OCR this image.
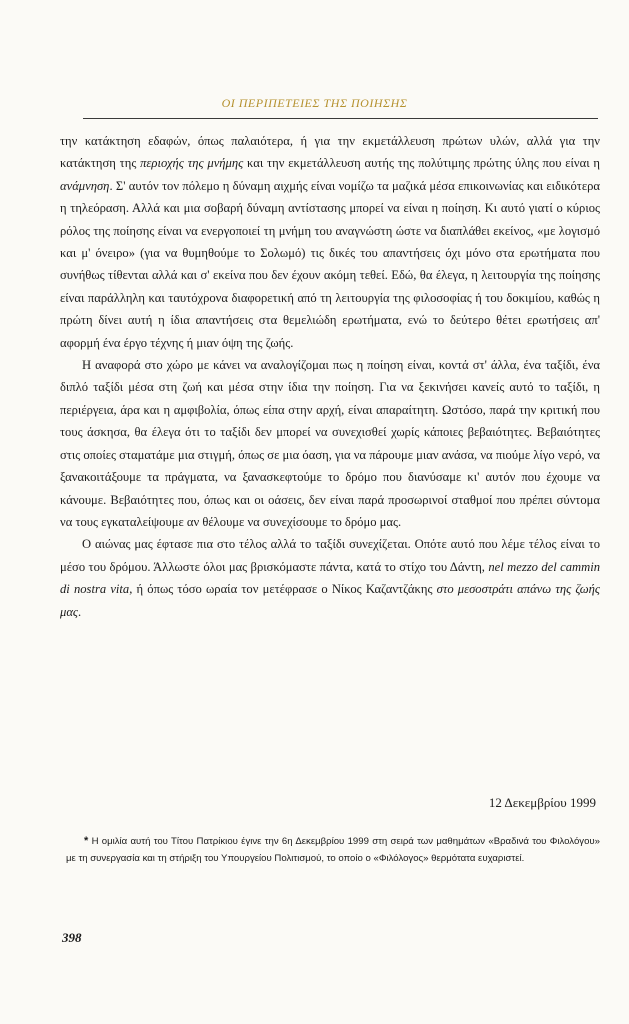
ΟΙ ΠΕΡΙΠΕΤΕΙΕΣ ΤΗΣ ΠΟΙΗΣΗΣ

την κατάκτηση εδαφών, όπως παλαιότερα, ή για την εκμετάλλευση πρώτων υλών, αλλά για την κατάκτηση της περιοχής της μνήμης και την εκμετάλλευση αυτής της πολύτιμης πρώτης ύλης που είναι η ανάμνηση. Σ' αυτόν τον πόλεμο η δύναμη αιχμής είναι νομίζω τα μαζικά μέσα επικοινωνίας και ειδικότερα η τηλεόραση. Αλλά και μια σοβαρή δύναμη αντίστασης μπορεί να είναι η ποίηση. Κι αυτό γιατί ο κύριος ρόλος της ποίησης είναι να ενεργοποιεί τη μνήμη του αναγνώστη ώστε να διαπλάθει εκείνος, «με λογισμό και μ' όνειρο» (για να θυμηθούμε το Σολωμό) τις δικές του απαντήσεις όχι μόνο στα ερωτήματα που συνήθως τίθενται αλλά και σ' εκείνα που δεν έχουν ακόμη τεθεί. Εδώ, θα έλεγα, η λειτουργία της ποίησης είναι παράλληλη και ταυτόχρονα διαφορετική από τη λειτουργία της φιλοσοφίας ή του δοκιμίου, καθώς η πρώτη δίνει αυτή η ίδια απαντήσεις στα θεμελιώδη ερωτήματα, ενώ το δεύτερο θέτει ερωτήσεις απ' αφορμή ένα έργο τέχνης ή μιαν όψη της ζωής.

Η αναφορά στο χώρο με κάνει να αναλογίζομαι πως η ποίηση είναι, κοντά στ' άλλα, ένα ταξίδι, ένα διπλό ταξίδι μέσα στη ζωή και μέσα στην ίδια την ποίηση. Για να ξεκινήσει κανείς αυτό το ταξίδι, η περιέργεια, άρα και η αμφιβολία, όπως είπα στην αρχή, είναι απαραίτητη. Ωστόσο, παρά την κριτική που τους άσκησα, θα έλεγα ότι το ταξίδι δεν μπορεί να συνεχισθεί χωρίς κάποιες βεβαιότητες. Βεβαιότητες στις οποίες σταματάμε μια στιγμή, όπως σε μια όαση, για να πάρουμε μιαν ανάσα, να πιούμε λίγο νερό, να ξανακοιτάξουμε τα πράγματα, να ξανασκεφτούμε το δρόμο που διανύσαμε κι' αυτόν που έχουμε να κάνουμε. Βεβαιότητες που, όπως και οι οάσεις, δεν είναι παρά προσωρινοί σταθμοί που πρέπει σύντομα να τους εγκαταλείψουμε αν θέλουμε να συνεχίσουμε το δρόμο μας.

Ο αιώνας μας έφτασε πια στο τέλος αλλά το ταξίδι συνεχίζεται. Οπότε αυτό που λέμε τέλος είναι το μέσο του δρόμου. Άλλωστε όλοι μας βρισκόμαστε πάντα, κατά το στίχο του Δάντη, nel mezzo del cammin di nostra vita, ή όπως τόσο ωραία τον μετέφρασε ο Νίκος Καζαντζάκης στο μεσοστράτι απάνω της ζωής μας.

12 Δεκεμβρίου 1999

* Η ομιλία αυτή του Τίτου Πατρίκιου έγινε την 6η Δεκεμβρίου 1999 στη σειρά των μαθημάτων «Βραδινά του Φιλολόγου» με τη συνεργασία και τη στήριξη του Υπουργείου Πολιτισμού, το οποίο ο «Φιλόλογος» θερμότατα ευχαριστεί.

398
